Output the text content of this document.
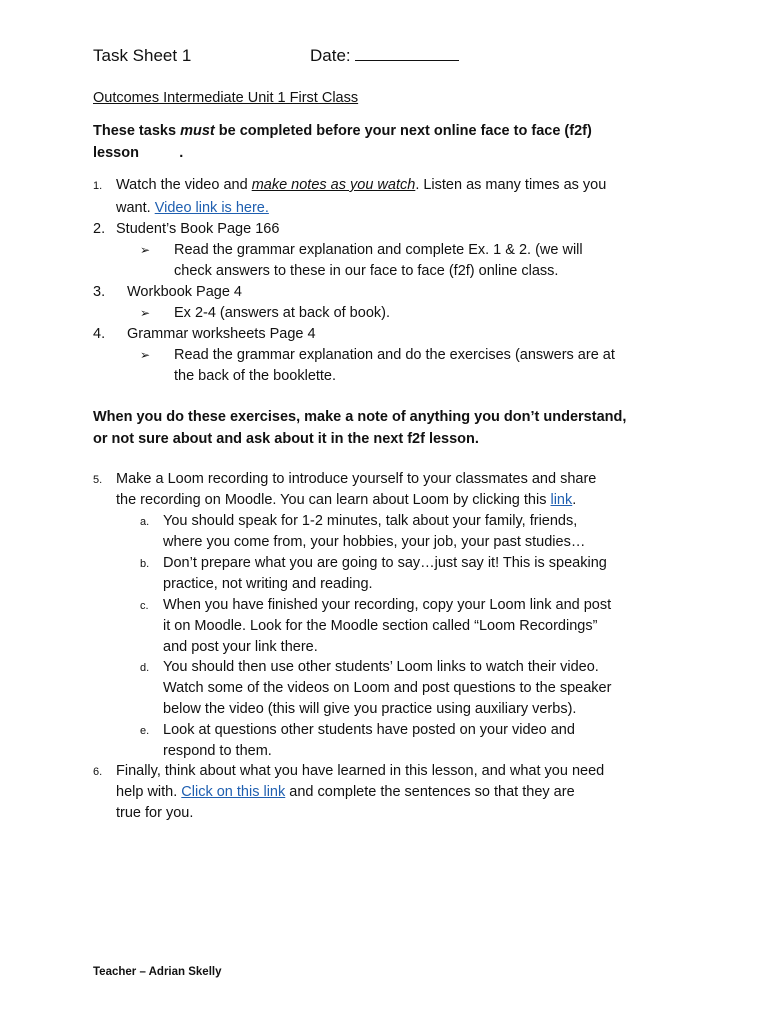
Task Sheet 1	Date:
Outcomes Intermediate Unit 1 First Class
These tasks must be completed before your next online face to face (f2f)
lesson          .
1. Watch the video and make notes as you watch. Listen as many times as you
want. Video link is here.
2. Student’s Book Page 166
➢ Read the grammar explanation and complete Ex. 1 & 2. (we will
check answers to these in our face to face (f2f) online class.
3. Workbook Page 4
➢ Ex 2-4 (answers at back of book).
4. Grammar worksheets Page 4
➢ Read the grammar explanation and do the exercises (answers are at
the back of the booklette.
When you do these exercises, make a note of anything you don’t understand,
or not sure about and ask about it in the next f2f lesson.
5. Make a Loom recording to introduce yourself to your classmates and share
the recording on Moodle. You can learn about Loom by clicking this link.
a. You should speak for 1-2 minutes, talk about your family, friends,
where you come from, your hobbies, your job, your past studies…
b. Don’t prepare what you are going to say…just say it! This is speaking
practice, not writing and reading.
c. When you have finished your recording, copy your Loom link and post
it on Moodle. Look for the Moodle section called “Loom Recordings”
and post your link there.
d. You should then use other students’ Loom links to watch their video.
Watch some of the videos on Loom and post questions to the speaker
below the video (this will give you practice using auxiliary verbs).
e. Look at questions other students have posted on your video and
respond to them.
6. Finally, think about what you have learned in this lesson, and what you need
help with. Click on this link and complete the sentences so that they are
true for you.
Teacher – Adrian Skelly
